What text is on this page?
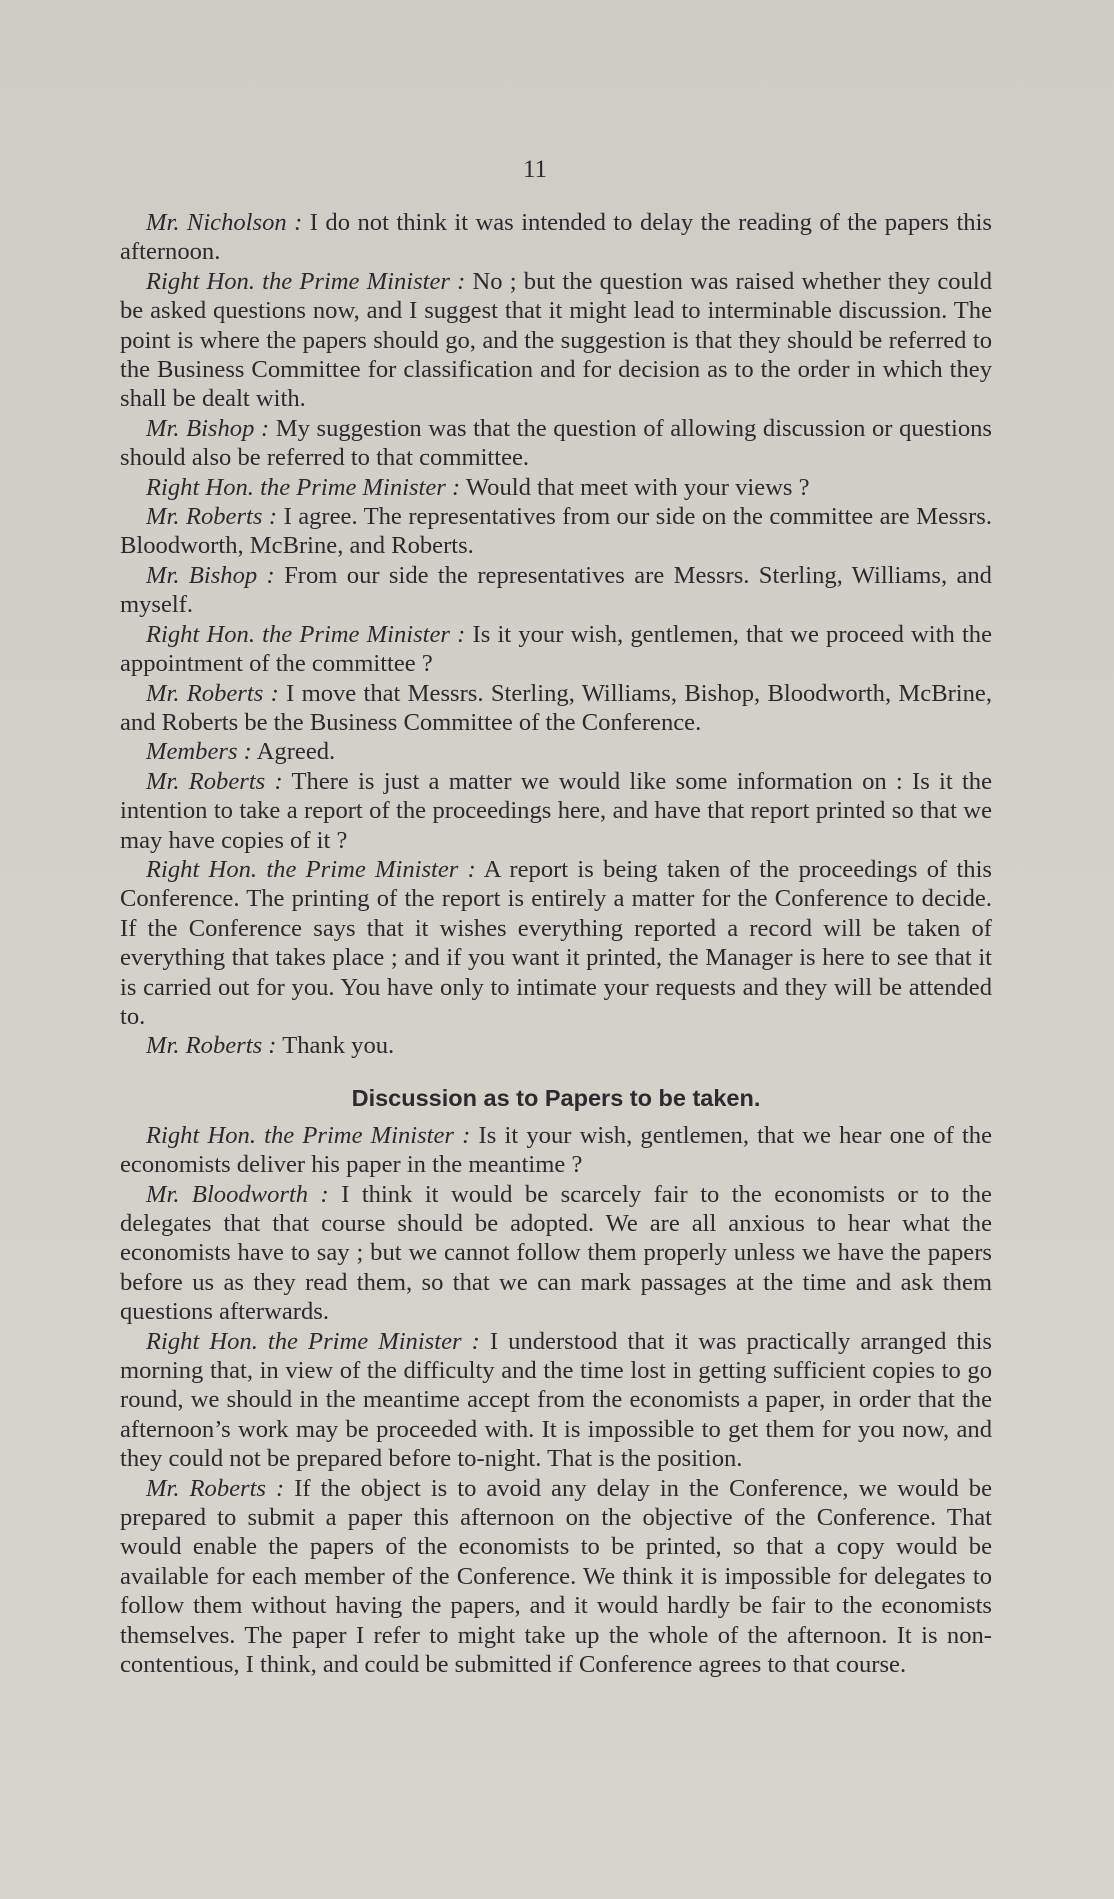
11

Mr. Nicholson : I do not think it was intended to delay the reading of the papers this afternoon.

Right Hon. the Prime Minister : No ; but the question was raised whether they could be asked questions now, and I suggest that it might lead to interminable discussion. The point is where the papers should go, and the suggestion is that they should be referred to the Business Committee for classification and for decision as to the order in which they shall be dealt with.

Mr. Bishop : My suggestion was that the question of allowing discussion or questions should also be referred to that committee.

Right Hon. the Prime Minister : Would that meet with your views ?

Mr. Roberts : I agree. The representatives from our side on the committee are Messrs. Bloodworth, McBrine, and Roberts.

Mr. Bishop : From our side the representatives are Messrs. Sterling, Williams, and myself.

Right Hon. the Prime Minister : Is it your wish, gentlemen, that we proceed with the appointment of the committee ?

Mr. Roberts : I move that Messrs. Sterling, Williams, Bishop, Bloodworth, McBrine, and Roberts be the Business Committee of the Conference.

Members : Agreed.

Mr. Roberts : There is just a matter we would like some information on : Is it the intention to take a report of the proceedings here, and have that report printed so that we may have copies of it ?

Right Hon. the Prime Minister : A report is being taken of the proceedings of this Conference. The printing of the report is entirely a matter for the Conference to decide. If the Conference says that it wishes everything reported a record will be taken of everything that takes place ; and if you want it printed, the Manager is here to see that it is carried out for you. You have only to intimate your requests and they will be attended to.

Mr. Roberts : Thank you.

Discussion as to Papers to be taken.

Right Hon. the Prime Minister : Is it your wish, gentlemen, that we hear one of the economists deliver his paper in the meantime ?

Mr. Bloodworth : I think it would be scarcely fair to the economists or to the delegates that that course should be adopted. We are all anxious to hear what the economists have to say ; but we cannot follow them properly unless we have the papers before us as they read them, so that we can mark passages at the time and ask them questions afterwards.

Right Hon. the Prime Minister : I understood that it was practically arranged this morning that, in view of the difficulty and the time lost in getting sufficient copies to go round, we should in the meantime accept from the economists a paper, in order that the afternoon’s work may be proceeded with. It is impossible to get them for you now, and they could not be prepared before to-night. That is the position.

Mr. Roberts : If the object is to avoid any delay in the Conference, we would be prepared to submit a paper this afternoon on the objective of the Conference. That would enable the papers of the economists to be printed, so that a copy would be available for each member of the Conference. We think it is impossible for delegates to follow them without having the papers, and it would hardly be fair to the economists themselves. The paper I refer to might take up the whole of the afternoon. It is non-contentious, I think, and could be submitted if Conference agrees to that course.
